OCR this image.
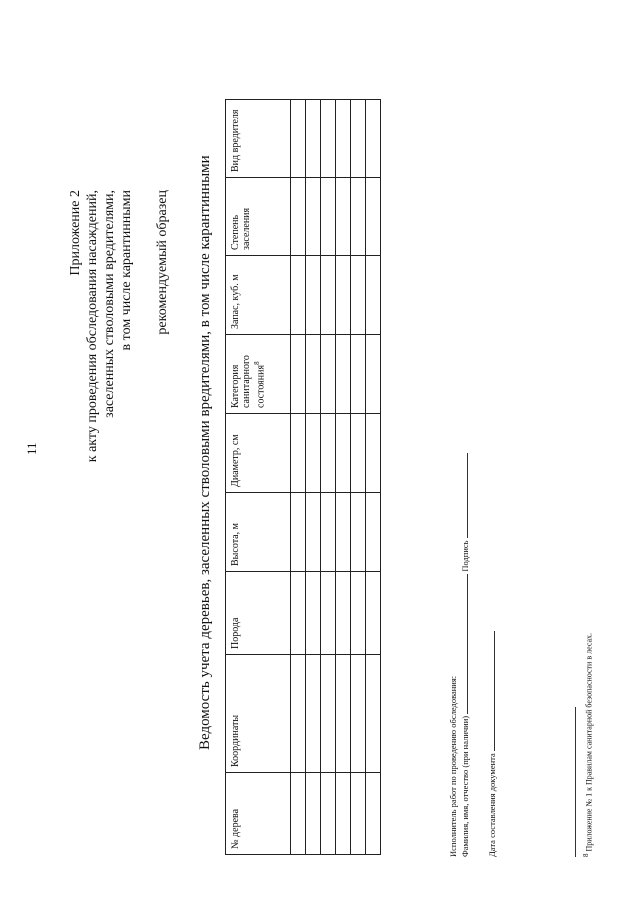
11
Приложение 2 к акту проведения обследования насаждений, заселенных стволовыми вредителями, в том числе карантинными рекомендуемый образец Ведомость учета деревьев, заселенных стволовыми вредителями, в том числе карантинными
№ дерева	Координаты	Порода	Высота, м	Диаметр, см	Категория санитарного состояния$^8$	Запас, куб. м	Степень заселения	Вид вредителя

Исполнитель работ по проведению обследования: Фамилия, имя, отчество (при наличии)  Подпись
Дата составления документа	$^8$ Приложение № 1 к Правилам санитарной безопасности в лесах.
